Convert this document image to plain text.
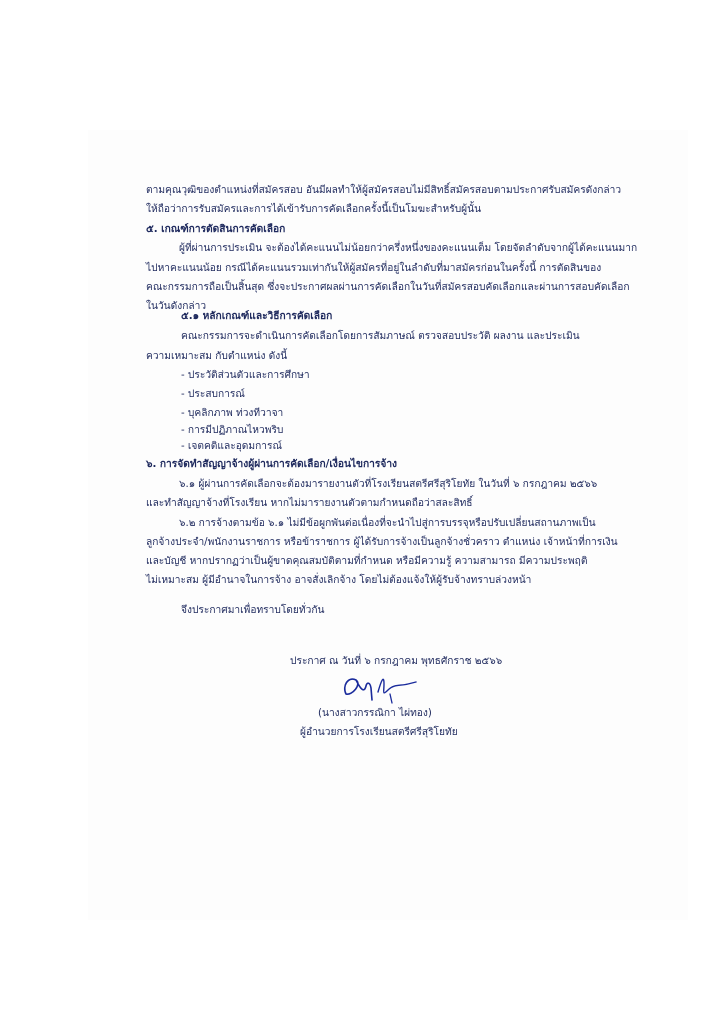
ตามคุณวุฒิของตำแหน่งที่สมัครสอบ อันมีผลทำให้ผู้สมัครสอบไม่มีสิทธิ์สมัครสอบตามประกาศรับสมัครดังกล่าว
ให้ถือว่าการรับสมัครและการได้เข้ารับการคัดเลือกครั้งนี้เป็นโมฆะสำหรับผู้นั้น
๕. เกณฑ์การตัดสินการคัดเลือก
ผู้ที่ผ่านการประเมิน จะต้องได้คะแนนไม่น้อยกว่าครึ่งหนึ่งของคะแนนเต็ม โดยจัดลำดับจากผู้ได้คะแนนมาก
ไปหาคะแนนน้อย กรณีได้คะแนนรวมเท่ากันให้ผู้สมัครที่อยู่ในลำดับที่มาสมัครก่อนในครั้งนี้ การตัดสินของ
คณะกรรมการถือเป็นสิ้นสุด ซึ่งจะประกาศผลผ่านการคัดเลือกในวันที่สมัครสอบคัดเลือกและผ่านการสอบคัดเลือก
ในวันดังกล่าว
๕.๑ หลักเกณฑ์และวิธีการคัดเลือก
คณะกรรมการจะดำเนินการคัดเลือกโดยการสัมภาษณ์ ตรวจสอบประวัติ ผลงาน และประเมิน
ความเหมาะสม กับตำแหน่ง ดังนี้
- ประวัติส่วนตัวและการศึกษา
- ประสบการณ์
- บุคลิกภาพ ท่วงทีวาจา
- การมีปฏิภาณไหวพริบ
- เจตคติและอุดมการณ์
๖. การจัดทำสัญญาจ้างผู้ผ่านการคัดเลือก/เงื่อนไขการจ้าง
๖.๑ ผู้ผ่านการคัดเลือกจะต้องมารายงานตัวที่โรงเรียนสตรีศรีสุริโยทัย ในวันที่ ๖ กรกฎาคม ๒๕๖๖
และทำสัญญาจ้างที่โรงเรียน หากไม่มารายงานตัวตามกำหนดถือว่าสละสิทธิ์
๖.๒ การจ้างตามข้อ ๖.๑ ไม่มีข้อผูกพันต่อเนื่องที่จะนำไปสู่การบรรจุหรือปรับเปลี่ยนสถานภาพเป็น
ลูกจ้างประจำ/พนักงานราชการ หรือข้าราชการ ผู้ได้รับการจ้างเป็นลูกจ้างชั่วคราว ตำแหน่ง เจ้าหน้าที่การเงิน
และบัญชี หากปรากฏว่าเป็นผู้ขาดคุณสมบัติตามที่กำหนด หรือมีความรู้ ความสามารถ มีความประพฤติ
ไม่เหมาะสม ผู้มีอำนาจในการจ้าง อาจสั่งเลิกจ้าง โดยไม่ต้องแจ้งให้ผู้รับจ้างทราบล่วงหน้า
จึงประกาศมาเพื่อทราบโดยทั่วกัน
ประกาศ ณ วันที่ ๖ กรกฎาคม พุทธศักราช ๒๕๖๖
(นางสาวกรรณิกา ไผ่ทอง)
ผู้อำนวยการโรงเรียนสตรีศรีสุริโยทัย
